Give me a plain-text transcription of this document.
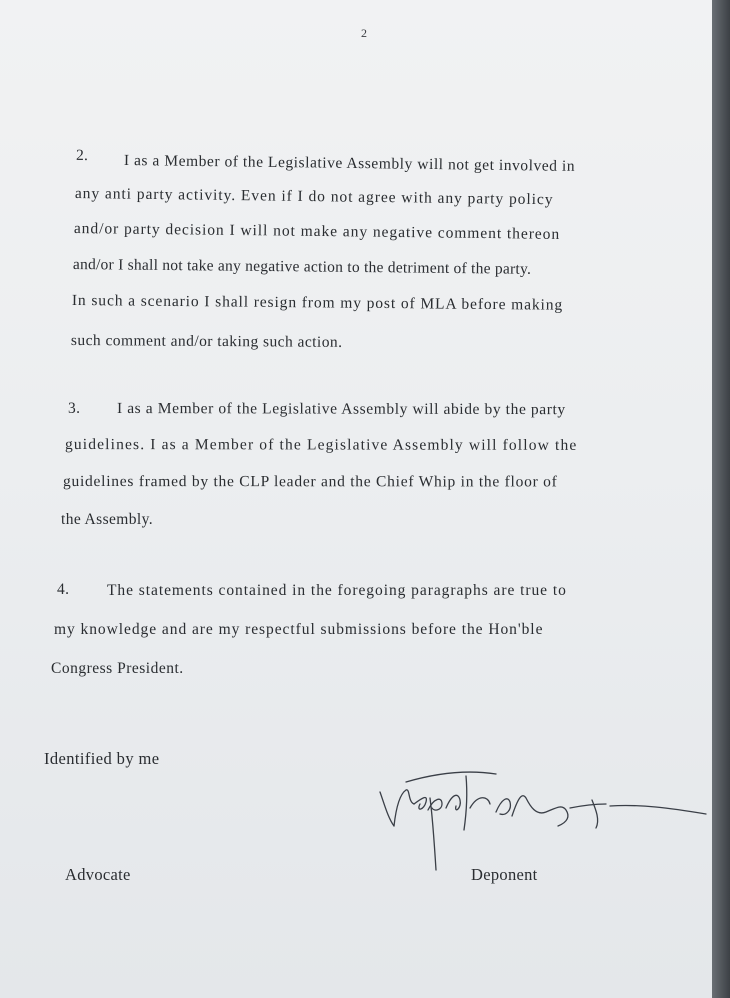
2
2. I as a Member of the Legislative Assembly will not get involved in
any anti party activity. Even if I do not agree with any party policy
and/or party decision I will not make any negative comment thereon
and/or I shall not take any negative action to the detriment of the party.
In such a scenario I shall resign from my post of MLA before making
such comment and/or taking such action.
3. I as a Member of the Legislative Assembly will abide by the party
guidelines. I as a Member of the Legislative Assembly will follow the
guidelines framed by the CLP leader and the Chief Whip in the floor of
the Assembly.
4. The statements contained in the foregoing paragraphs are true to
my knowledge and are my respectful submissions before the Hon'ble
Congress President.
Identified by me
Advocate	Deponent
